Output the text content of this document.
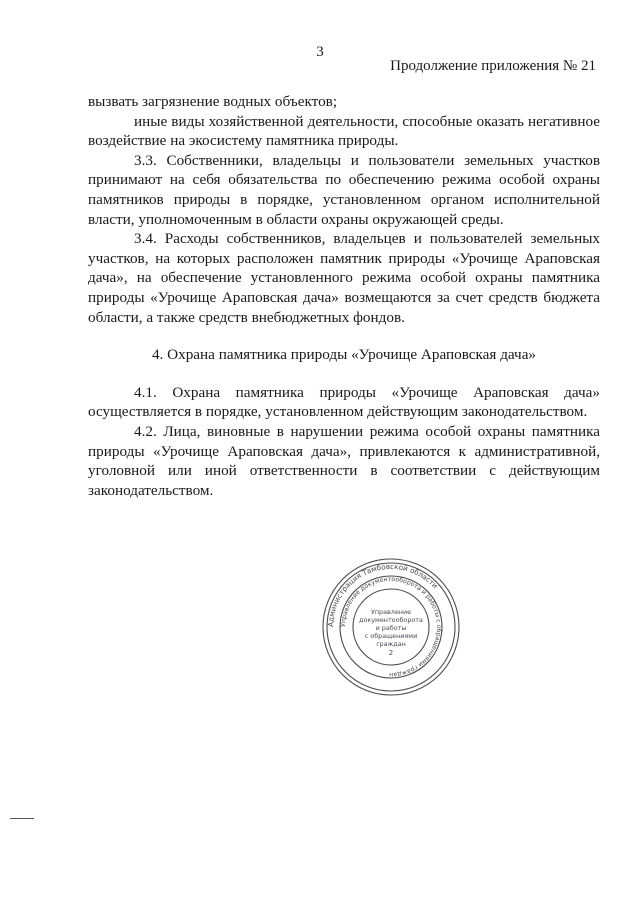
3
Продолжение приложения № 21

вызвать загрязнение водных объектов;

иные виды хозяйственной деятельности, способные оказать негативное воздействие на экосистему памятника природы.

3.3. Собственники, владельцы и пользователи земельных участков принимают на себя обязательства по обеспечению режима особой охраны памятников природы в порядке, установленном органом исполнительной власти, уполномоченным в области охраны окружающей среды.

3.4. Расходы собственников, владельцев и пользователей земельных участков, на которых расположен памятник природы «Урочище Араповская дача», на обеспечение установленного режима особой охраны памятника природы «Урочище Араповская дача» возмещаются за счет средств бюджета области, а также средств внебюджетных фондов.

4. Охрана памятника природы «Урочище Араповская дача»

4.1. Охрана памятника природы «Урочище Араповская дача» осуществляется в порядке, установленном действующим законодательством.

4.2. Лица, виновные в нарушении режима особой охраны памятника природы «Урочище Араповская дача», привлекаются к административной, уголовной или иной ответственности в соответствии с действующим законодательством.

Администрация Тамбовской области
Управление документооборота и работы с обращениями граждан
Управление
документооборота
и работы
с обращениями
граждан
2
